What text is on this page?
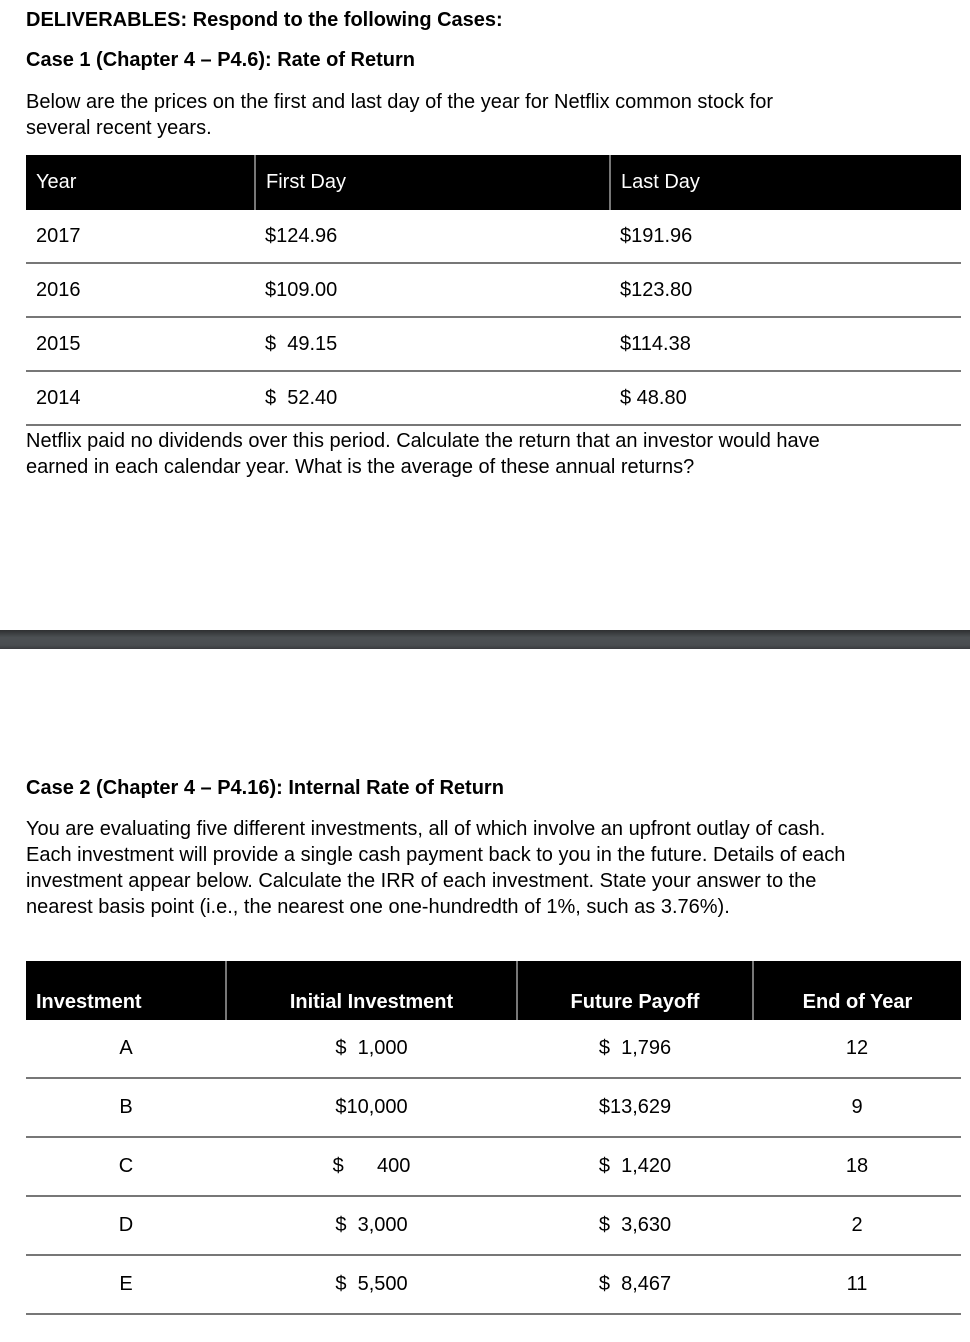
DELIVERABLES: Respond to the following Cases:
Case 1 (Chapter 4 – P4.6): Rate of Return
Below are the prices on the first and last day of the year for Netflix common stock for several recent years.
Year	First Day	Last Day
2017	$124.96	$191.96
2016	$109.00	$123.80
2015	$  49.15	$114.38
2014	$  52.40	$ 48.80
Netflix paid no dividends over this period. Calculate the return that an investor would have earned in each calendar year. What is the average of these annual returns?
Case 2 (Chapter 4 – P4.16): Internal Rate of Return
You are evaluating five different investments, all of which involve an upfront outlay of cash. Each investment will provide a single cash payment back to you in the future. Details of each investment appear below. Calculate the IRR of each investment. State your answer to the nearest basis point (i.e., the nearest one one-hundredth of 1%, such as 3.76%).
Investment	Initial Investment	Future Payoff	End of Year
A	$  1,000	$  1,796	12
B	$10,000	$13,629	9
C	$      400	$  1,420	18
D	$  3,000	$  3,630	2
E	$  5,500	$  8,467	11
